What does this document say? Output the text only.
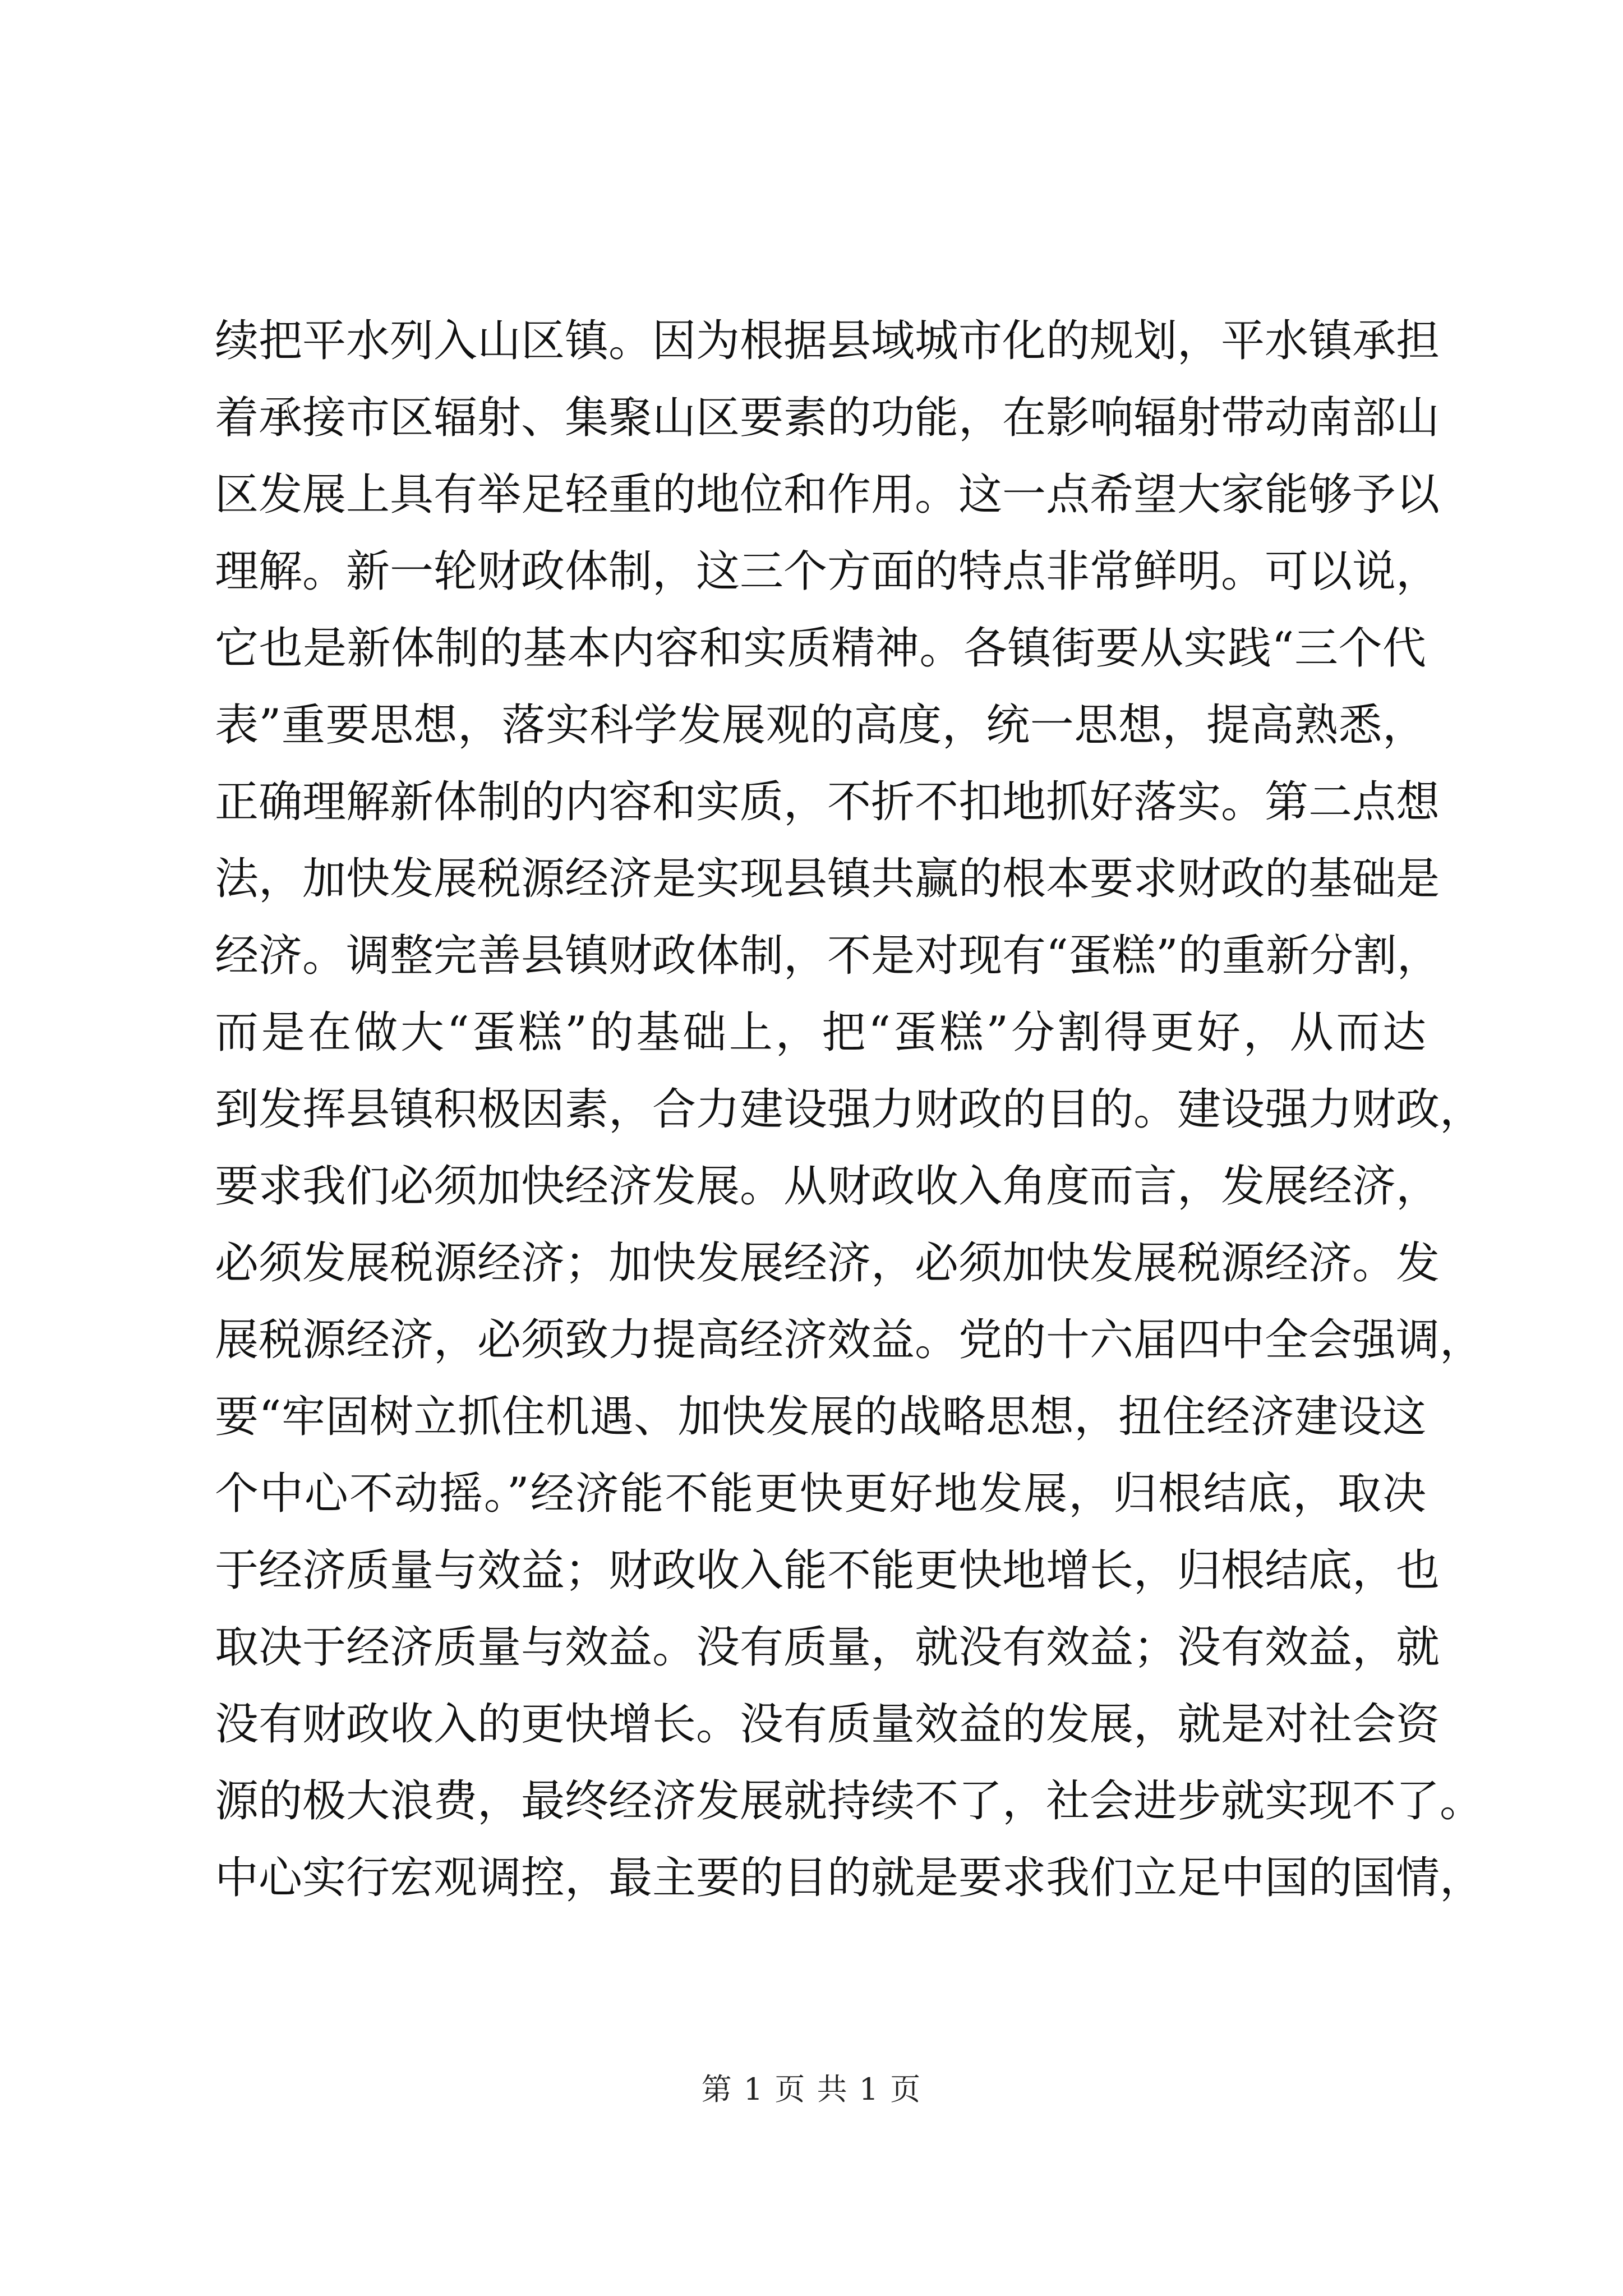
续把平水列入山区镇。因为根据县域城市化的规划，平水镇承担
着承接市区辐射、集聚山区要素的功能，在影响辐射带动南部山
区发展上具有举足轻重的地位和作用。这一点希望大家能够予以
理解。新一轮财政体制，这三个方面的特点非常鲜明。可以说，
它也是新体制的基本内容和实质精神。各镇街要从实践“三个代
表”重要思想，落实科学发展观的高度，统一思想，提高熟悉，
正确理解新体制的内容和实质，不折不扣地抓好落实。第二点想
法，加快发展税源经济是实现县镇共赢的根本要求财政的基础是
经济。调整完善县镇财政体制，不是对现有“蛋糕”的重新分割，
而是在做大“蛋糕”的基础上，把“蛋糕”分割得更好，从而达
到发挥县镇积极因素，合力建设强力财政的目的。建设强力财政，
要求我们必须加快经济发展。从财政收入角度而言，发展经济，
必须发展税源经济；加快发展经济，必须加快发展税源经济。发
展税源经济，必须致力提高经济效益。党的十六届四中全会强调，
要“牢固树立抓住机遇、加快发展的战略思想，扭住经济建设这
个中心不动摇。”经济能不能更快更好地发展，归根结底，取决
于经济质量与效益；财政收入能不能更快地增长，归根结底，也
取决于经济质量与效益。没有质量，就没有效益；没有效益，就
没有财政收入的更快增长。没有质量效益的发展，就是对社会资
源的极大浪费，最终经济发展就持续不了，社会进步就实现不了。
中心实行宏观调控，最主要的目的就是要求我们立足中国的国情，
第 1 页 共 1 页
